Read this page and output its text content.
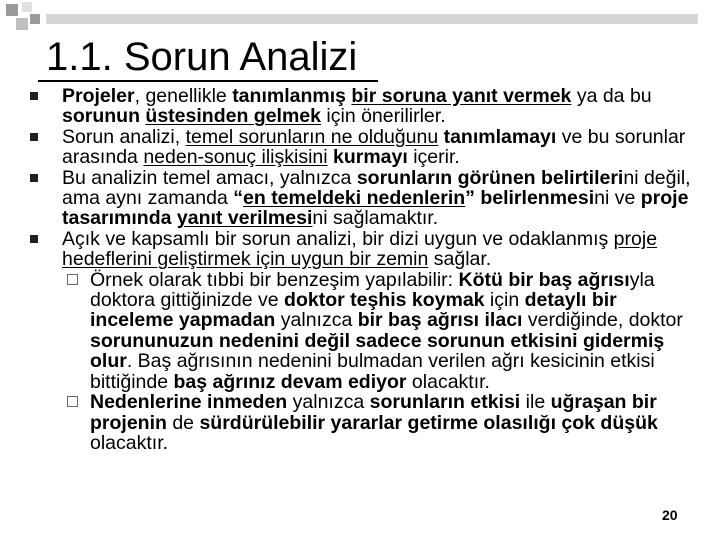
1.1. Sorun Analizi
Projeler, genellikle tanımlanmış bir soruna yanıt vermek ya da bu sorunun üstesinden gelmek için önerilirler.
Sorun analizi, temel sorunların ne olduğunu tanımlamayı ve bu sorunlar arasında neden-sonuç ilişkisini kurmayı içerir.
Bu analizin temel amacı, yalnızca sorunların görünen belirtilerini değil, ama aynı zamanda “en temeldeki nedenlerin” belirlenmesini ve proje tasarımında yanıt verilmesini sağlamaktır.
Açık ve kapsamlı bir sorun analizi, bir dizi uygun ve odaklanmış proje hedeflerini geliştirmek için uygun bir zemin sağlar.
Örnek olarak tıbbi bir benzeşim yapılabilir: Kötü bir baş ağrısıyla doktora gittiğinizde ve doktor teşhis koymak için detaylı bir inceleme yapmadan yalnızca bir baş ağrısı ilacı verdiğinde, doktor sorununuzun nedenini değil sadece sorunun etkisini gidermiş olur. Baş ağrısının nedenini bulmadan verilen ağrı kesicinin etkisi bittiğinde baş ağrınız devam ediyor olacaktır.
Nedenlerine inmeden yalnızca sorunların etkisi ile uğraşan bir projenin de sürdürülebilir yararlar getirme olasılığı çok düşük olacaktır.
20
